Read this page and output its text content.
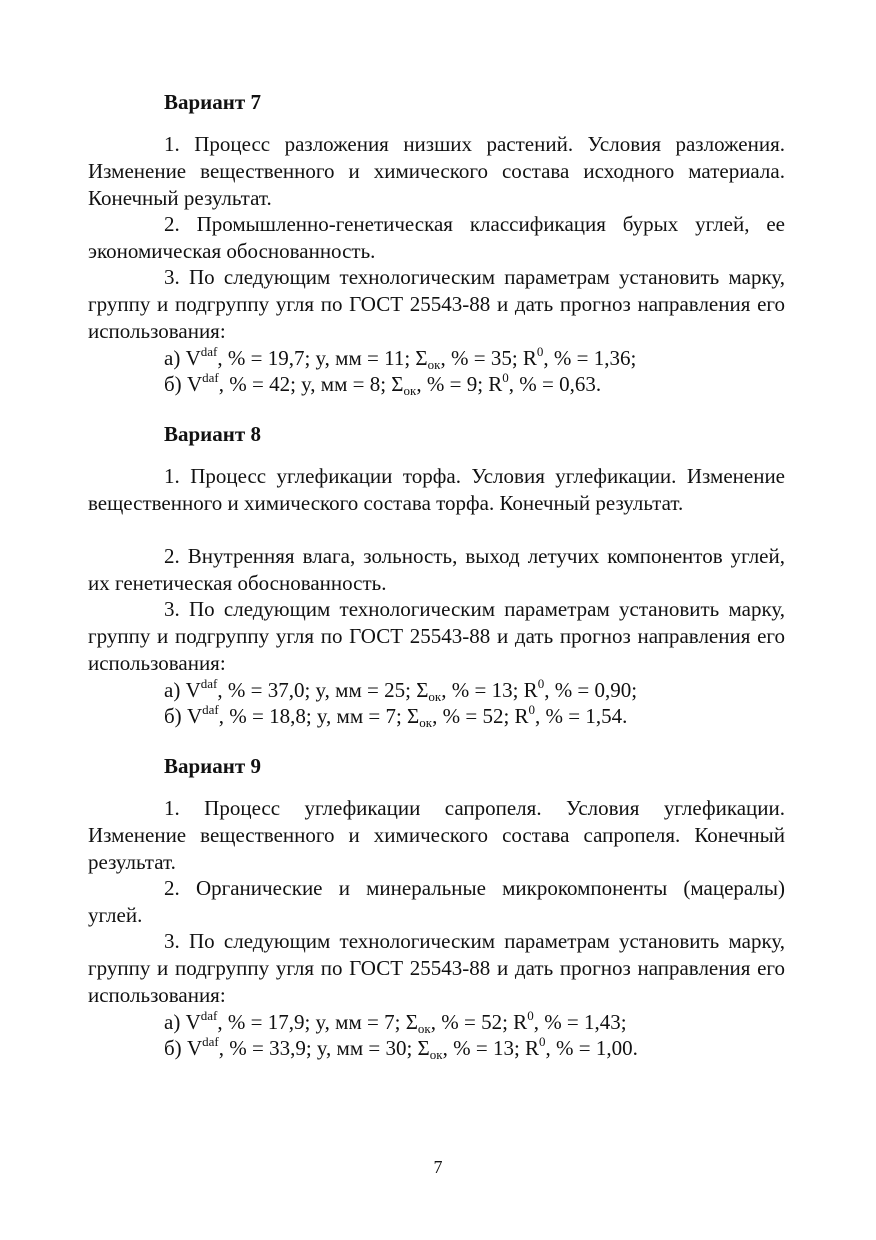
Вариант 7
1. Процесс разложения низших растений. Условия разложения. Изменение вещественного и химического состава исходного материала. Конечный результат.
2. Промышленно-генетическая классификация бурых углей, ее экономическая обоснованность.
3. По следующим технологическим параметрам установить марку, группу и подгруппу угля по ГОСТ 25543-88 и дать прогноз направления его использования:
а) $V^{daf}$, % = 19,7; y, мм = 11; $\Sigma_{ок}$, % = 35; $R^0$, % = 1,36;
б) $V^{daf}$, % = 42; y, мм = 8; $\Sigma_{ок}$, % = 9; $R^0$, % = 0,63.
Вариант 8
1. Процесс углефикации торфа. Условия углефикации. Изменение вещественного и химического состава торфа. Конечный результат.
2. Внутренняя влага, зольность, выход летучих компонентов углей, их генетическая обоснованность.
3. По следующим технологическим параметрам установить марку, группу и подгруппу угля по ГОСТ 25543-88 и дать прогноз направления его использования:
а) $V^{daf}$, % = 37,0; y, мм = 25; $\Sigma_{ок}$, % = 13; $R^0$, % = 0,90;
б) $V^{daf}$, % = 18,8; y, мм = 7; $\Sigma_{ок}$, % = 52; $R^0$, % = 1,54.
Вариант 9
1. Процесс углефикации сапропеля. Условия углефикации. Изменение вещественного и химического состава сапропеля. Конечный результат.
2. Органические и минеральные микрокомпоненты (мацералы) углей.
3. По следующим технологическим параметрам установить марку, группу и подгруппу угля по ГОСТ 25543-88 и дать прогноз направления его использования:
а) $V^{daf}$, % = 17,9; y, мм = 7; $\Sigma_{ок}$, % = 52; $R^0$, % = 1,43;
б) $V^{daf}$, % = 33,9; y, мм = 30; $\Sigma_{ок}$, % = 13; $R^0$, % = 1,00.
7
